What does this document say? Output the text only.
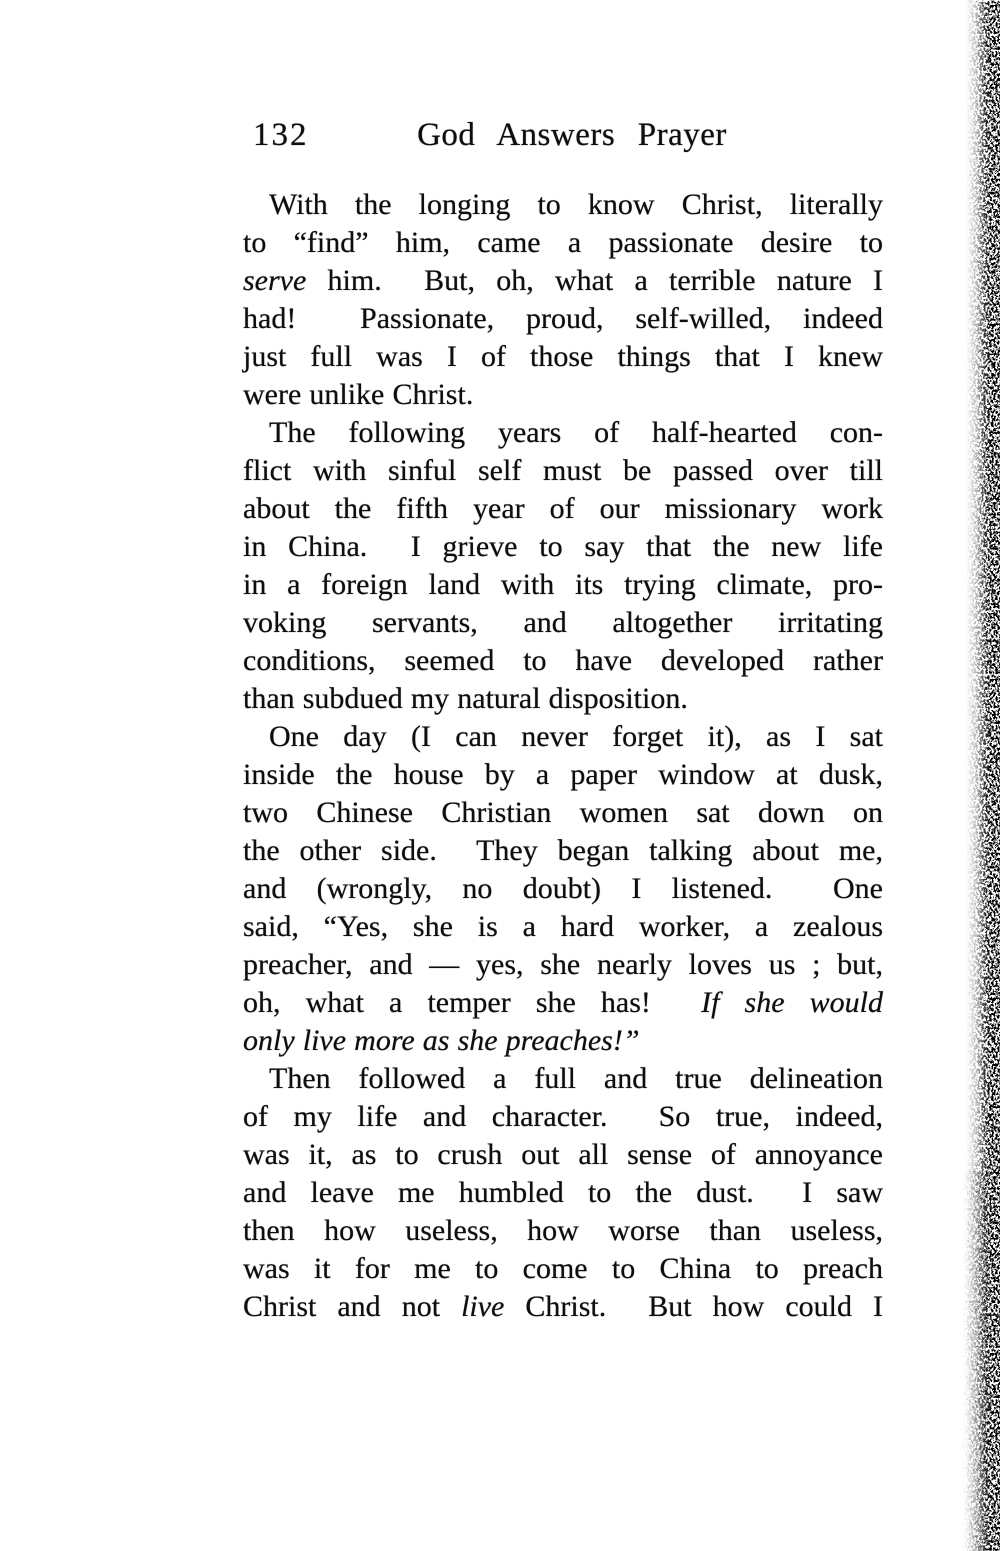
132	God Answers Prayer
With the longing to know Christ, literally
to “find” him, came a passionate desire to
serve him.  But, oh, what a terrible nature I
had!  Passionate, proud, self-willed, indeed
just full was I of those things that I knew
were unlike Christ.
The following years of half-hearted con-
flict with sinful self must be passed over till
about the fifth year of our missionary work
in China.  I grieve to say that the new life
in a foreign land with its trying climate, pro-
voking servants, and altogether irritating
conditions, seemed to have developed rather
than subdued my natural disposition.
One day (I can never forget it), as I sat
inside the house by a paper window at dusk,
two Chinese Christian women sat down on
the other side.  They began talking about me,
and (wrongly, no doubt) I listened.  One
said, “Yes, she is a hard worker, a zealous
preacher, and — yes, she nearly loves us ; but,
oh, what a temper she has!  If she would
only live more as she preaches!”
Then followed a full and true delineation
of my life and character.  So true, indeed,
was it, as to crush out all sense of annoyance
and leave me humbled to the dust.  I saw
then how useless, how worse than useless,
was it for me to come to China to preach
Christ and not live Christ.  But how could I
